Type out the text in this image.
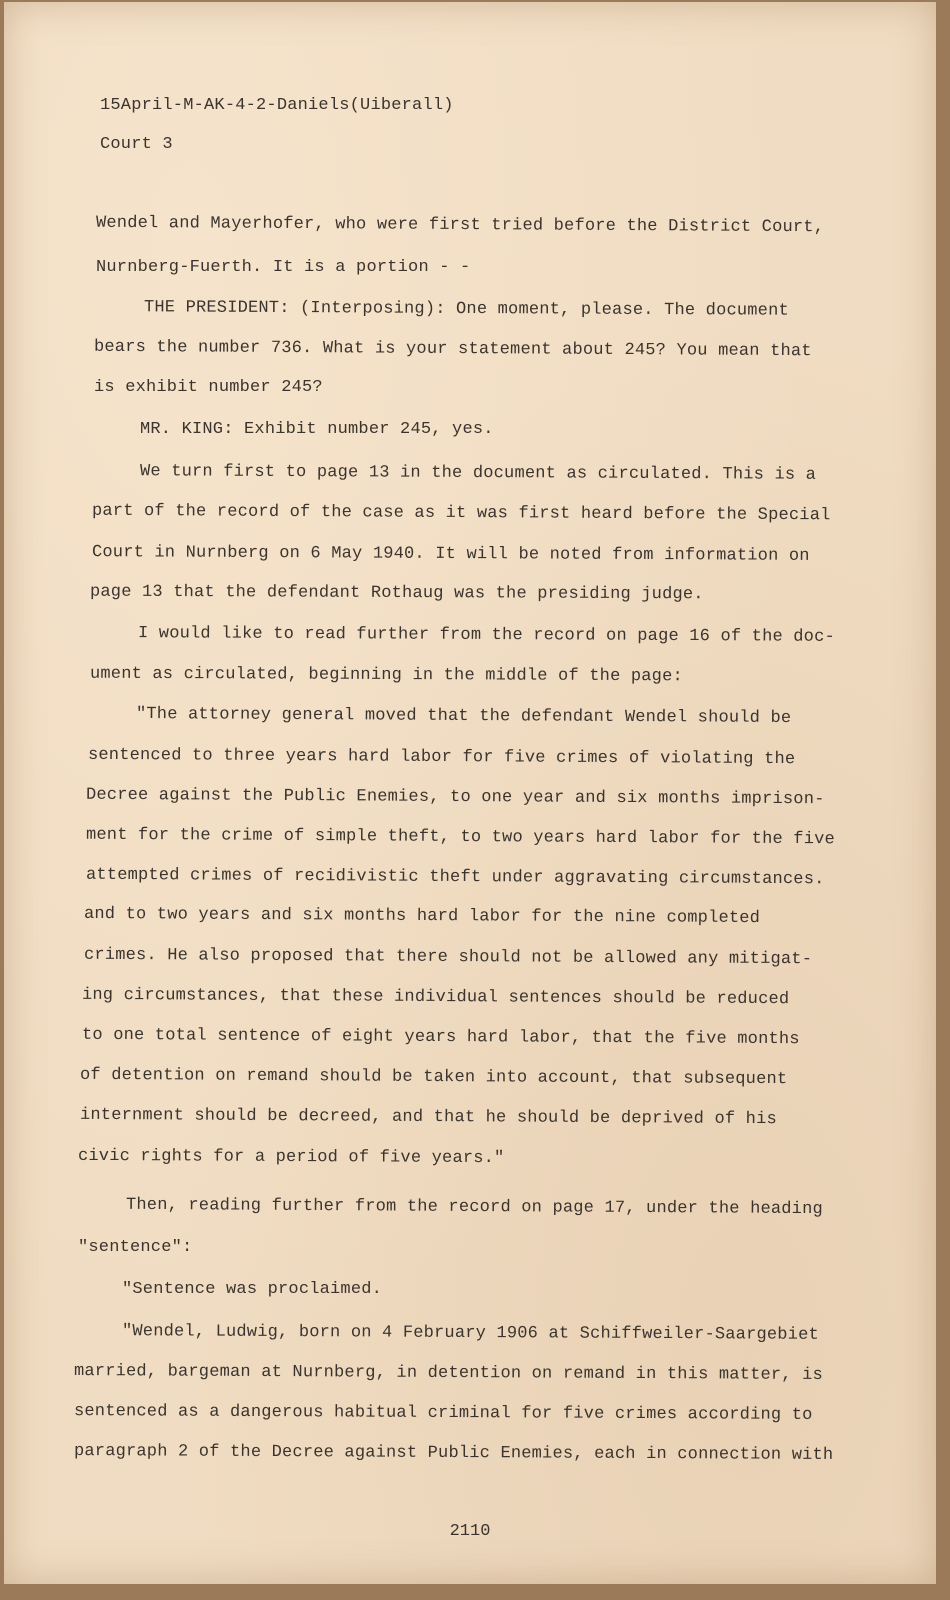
15April-M-AK-4-2-Daniels(Uiberall)

Court 3

Wendel and Mayerhofer, who were first tried before the District Court,

Nurnberg-Fuerth. It is a portion - -

THE PRESIDENT: (Interposing): One moment, please. The document

bears the number 736. What is your statement about 245? You mean that

is exhibit number 245?

MR. KING: Exhibit number 245, yes.

We turn first to page 13 in the document as circulated. This is a

part of the record of the case as it was first heard before the Special

Court in Nurnberg on 6 May 1940. It will be noted from information on

page 13 that the defendant Rothaug was the presiding judge.

I would like to read further from the record on page 16 of the doc-

ument as circulated, beginning in the middle of the page:

"The attorney general moved that the defendant Wendel should be

sentenced to three years hard labor for five crimes of violating the

Decree against the Public Enemies, to one year and six months imprison-

ment for the crime of simple theft, to two years hard labor for the five

attempted crimes of recidivistic theft under aggravating circumstances.

and to two years and six months hard labor for the nine completed

crimes. He also proposed that there should not be allowed any mitigat-

ing circumstances, that these individual sentences should be reduced

to one total sentence of eight years hard labor, that the five months

of detention on remand should be taken into account, that subsequent

internment should be decreed, and that he should be deprived of his

civic rights for a period of five years."

Then, reading further from the record on page 17, under the heading

"sentence":

"Sentence was proclaimed.

"Wendel, Ludwig, born on 4 February 1906 at Schiffweiler-Saargebiet

married, bargeman at Nurnberg, in detention on remand in this matter, is

sentenced as a dangerous habitual criminal for five crimes according to

paragraph 2 of the Decree against Public Enemies, each in connection with

2110
